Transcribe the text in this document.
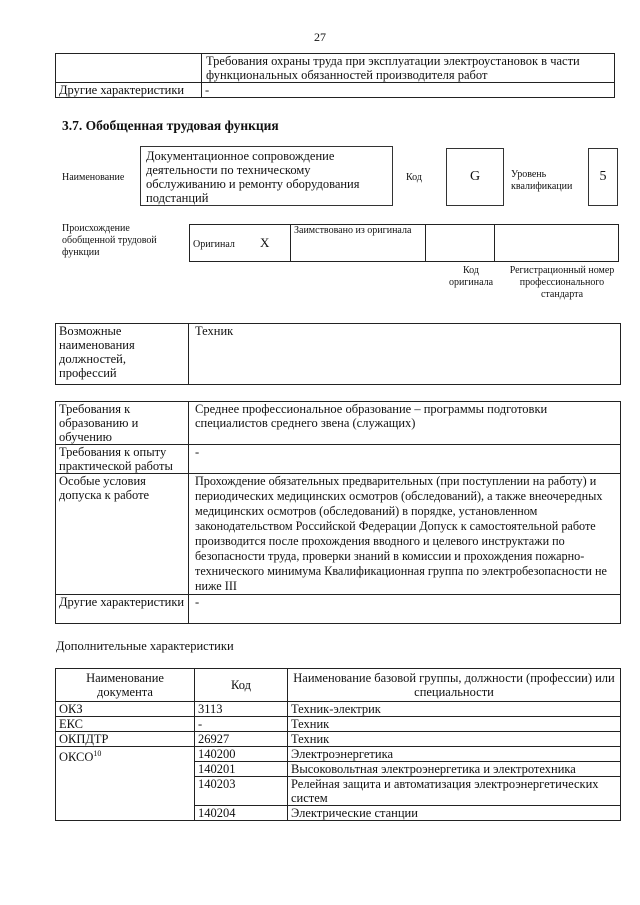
27
	Требования охраны труда при эксплуатации электроустановок в части функциональных обязанностей производителя работ
Другие характеристики	-
3.7. Обобщенная трудовая функция
Наименование
Документационное сопровождение деятельности по техническому обслуживанию и ремонту оборудования подстанций
Код	G	Уровень квалификации
5
Происхождение обобщенной трудовой функции
Оригинал X	Заимствовано из оригинала		
Код оригинала
Регистрационный номер профессионального стандарта
Возможные наименования должностей, профессий	Техник
Требования к образованию и обучению	Среднее профессиональное образование – программы подготовки специалистов среднего звена (служащих)
Требования к опыту практической работы	-
Особые условия допуска к работе	Прохождение обязательных предварительных (при поступлении на работу) и периодических медицинских осмотров (обследований), а также внеочередных медицинских осмотров (обследований) в порядке, установленном законодательством Российской Федерации Допуск к самостоятельной работе производится после прохождения вводного и целевого инструктажи по безопасности труда, проверки знаний в комиссии и прохождения пожарно-технического минимума Квалификационная группа по электробезопасности не ниже III
Другие характеристики	-
Дополнительные характеристики
Наименование документа	Код	Наименование базовой группы, должности (профессии) или специальности
ОКЗ	3113	Техник-электрик
ЕКС	-	Техник
ОКПДТР	26927	Техник
ОКСО$^{10}$	140200	Электроэнергетика
	140201	Высоковольтная электроэнергетика и электротехника
	140203	Релейная защита и автоматизация электроэнергетических систем
	140204	Электрические станции
